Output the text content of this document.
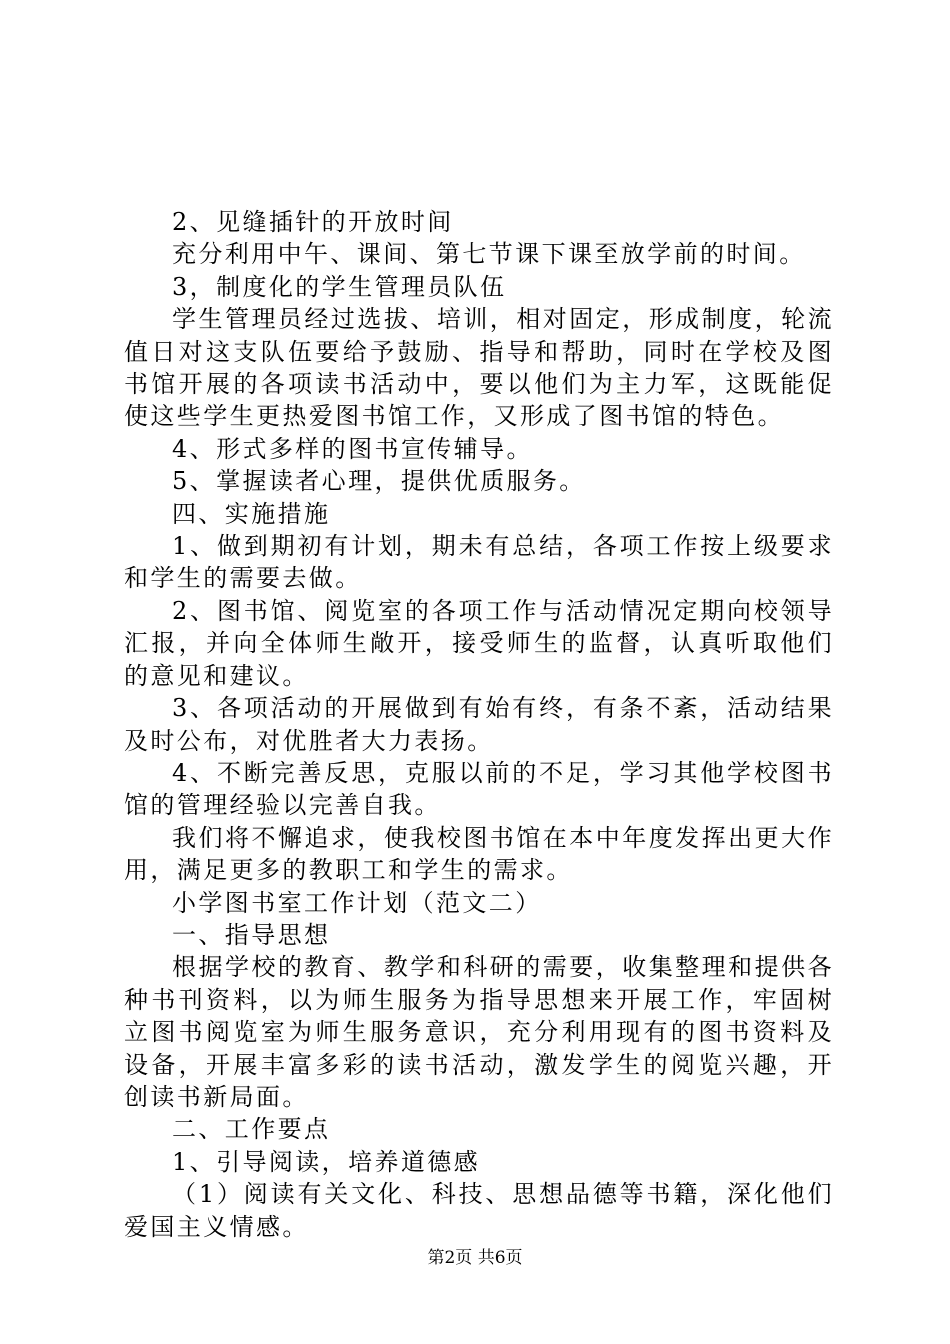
2、见缝插针的开放时间

充分利用中午、课间、第七节课下课至放学前的时间。

3，制度化的学生管理员队伍

学生管理员经过选拔、培训，相对固定，形成制度，轮流值日对这支队伍要给予鼓励、指导和帮助，同时在学校及图书馆开展的各项读书活动中，要以他们为主力军，这既能促使这些学生更热爱图书馆工作，又形成了图书馆的特色。

4、形式多样的图书宣传辅导。

5、掌握读者心理，提供优质服务。

四、实施措施

1、做到期初有计划，期未有总结，各项工作按上级要求和学生的需要去做。

2、图书馆、阅览室的各项工作与活动情况定期向校领导汇报，并向全体师生敞开，接受师生的监督，认真听取他们的意见和建议。

3、各项活动的开展做到有始有终，有条不紊，活动结果及时公布，对优胜者大力表扬。

4、不断完善反思，克服以前的不足，学习其他学校图书馆的管理经验以完善自我。

我们将不懈追求，使我校图书馆在本中年度发挥出更大作用，满足更多的教职工和学生的需求。

小学图书室工作计划（范文二）

一、指导思想

根据学校的教育、教学和科研的需要，收集整理和提供各种书刊资料，以为师生服务为指导思想来开展工作，牢固树立图书阅览室为师生服务意识，充分利用现有的图书资料及设备，开展丰富多彩的读书活动，激发学生的阅览兴趣，开创读书新局面。

二、工作要点

1、引导阅读，培养道德感

（1）阅读有关文化、科技、思想品德等书籍，深化他们爱国主义情感。

第2页 共6页
